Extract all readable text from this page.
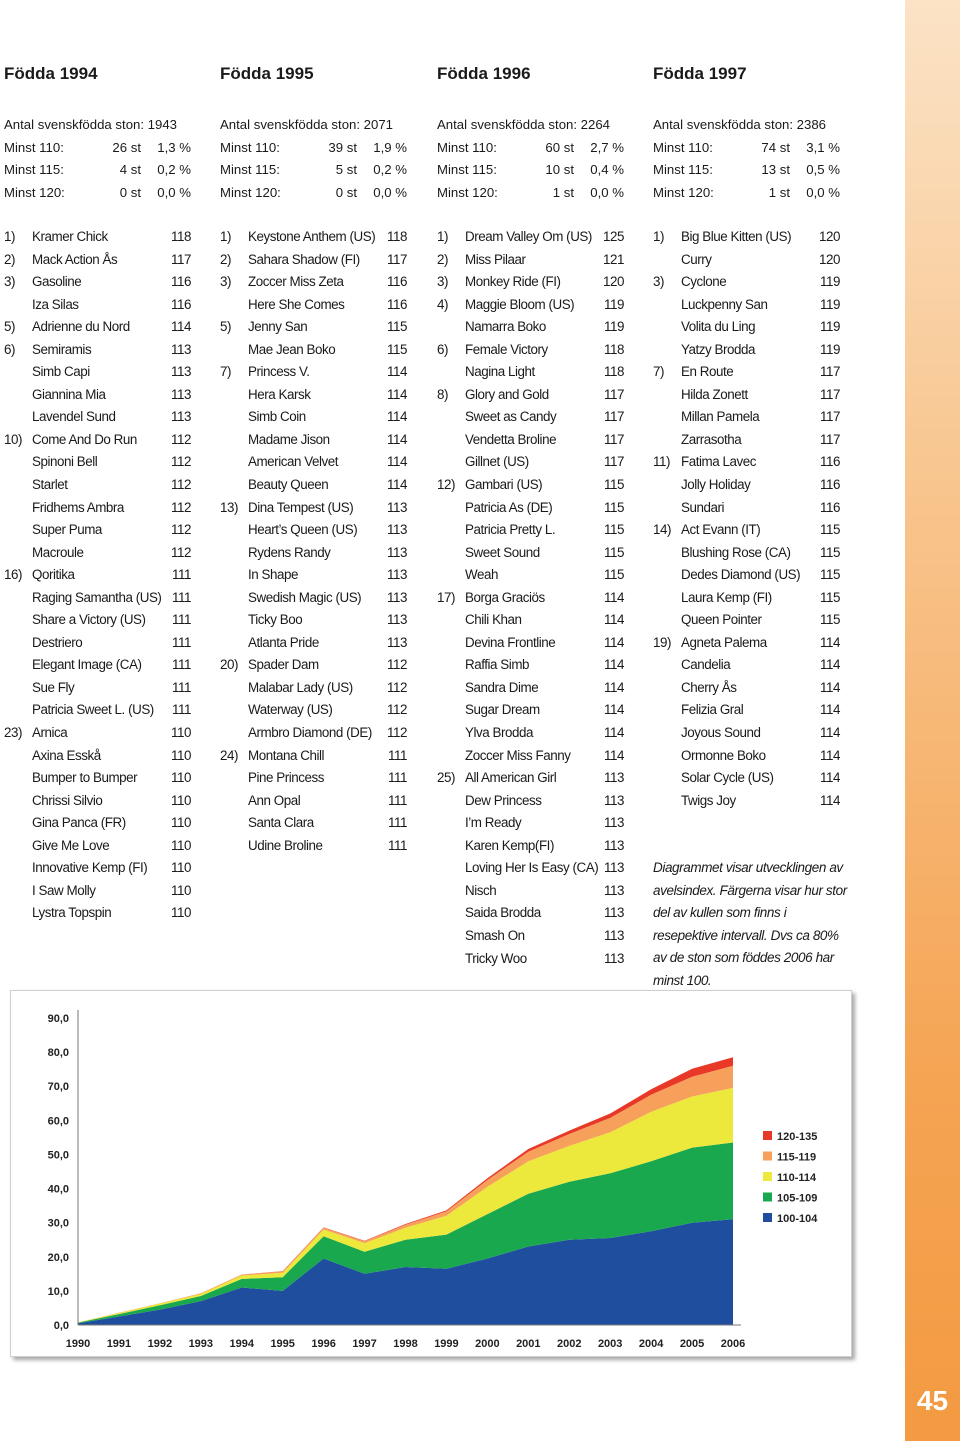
45
Födda 1994
Antal svenskfödda ston: 1943
Minst 110:	26 st 1,3 %
Minst 115:	4 st 0,2 %
Minst 120:	0 st 0,0 %
1) Kramer Chick	118
2) Mack Action Ås	117
3) Gasoline	116
Iza Silas	116
5) Adrienne du Nord	114
6) Semiramis	113
Simb Capi	113
Giannina Mia	113
Lavendel Sund	113
10) Come And Do Run	112
Spinoni Bell	112
Starlet	112
Fridhems Ambra	112
Super Puma	112
Macroule	112
16) Qoritika	111
Raging Samantha (US) 111
Share a Victory (US) 111
Destriero	111
Elegant Image (CA) 111
Sue Fly	111
Patricia Sweet L. (US) 111
23) Arnica	110
Axina Esskå	110
Bumper to Bumper	110
Chrissi Silvio	110
Gina Panca (FR)	110
Give Me Love	110
Innovative Kemp (FI) 110
I Saw Molly	110
Lystra Topspin	110
Födda 1995
Antal svenskfödda ston: 2071
Minst 110:	39 st 1,9 %
Minst 115:	5 st 0,2 %
Minst 120:	0 st 0,0 %
1) Keystone Anthem (US) 118
2) Sahara Shadow (FI) 117
3) Zoccer Miss Zeta	116
Here She Comes	116
5) Jenny San	115
Mae Jean Boko	115
7) Princess V.	114
Hera Karsk	114
Simb Coin	114
Madame Jison	114
American Velvet	114
Beauty Queen	114
13) Dina Tempest (US)	113
Heart’s Queen (US) 113
Rydens Randy	113
In Shape	113
Swedish Magic (US) 113
Ticky Boo	113
Atlanta Pride	113
20) Spader Dam	112
Malabar Lady (US)	112
Waterway (US)	112
Armbro Diamond (DE) 112
24) Montana Chill	111
Pine Princess	111
Ann Opal	111
Santa Clara	111
Udine Broline	111
Födda 1996
Antal svenskfödda ston: 2264
Minst 110:	60 st 2,7 %
Minst 115:	10 st 0,4 %
Minst 120:	1 st 0,0 %
1) Dream Valley Om (US) 125
2) Miss Pilaar	121
3) Monkey Ride (FI)	120
4) Maggie Bloom (US) 119
Namarra Boko	119
6) Female Victory	118
Nagina Light	118
8) Glory and Gold	117
Sweet as Candy	117
Vendetta Broline	117
Gillnet (US)	117
12) Gambari (US)	115
Patricia As (DE)	115
Patricia Pretty L.	115
Sweet Sound	115
Weah	115
17) Borga Graciös	114
Chili Khan	114
Devina Frontline	114
Raffia Simb	114
Sandra Dime	114
Sugar Dream	114
Ylva Brodda	114
Zoccer Miss Fanny	114
25) All American Girl	113
Dew Princess	113
I’m Ready	113
Karen Kemp(FI)	113
Loving Her Is Easy (CA) 113
Nisch	113
Saida Brodda	113
Smash On	113
Tricky Woo	113
Födda 1997
Antal svenskfödda ston: 2386
Minst 110:	74 st 3,1 %
Minst 115:	13 st 0,5 %
Minst 120:	1 st 0,0 %
1) Big Blue Kitten (US) 120
Curry	120
3) Cyclone	119
Luckpenny San	119
Volita du Ling	119
Yatzy Brodda	119
7) En Route	117
Hilda Zonett	117
Millan Pamela	117
Zarrasotha	117
11) Fatima Lavec	116
Jolly Holiday	116
Sundari	116
14) Act Evann (IT)	115
Blushing Rose (CA) 115
Dedes Diamond (US) 115
Laura Kemp (FI)	115
Queen Pointer	115
19) Agneta Palema	114
Candelia	114
Cherry Ås	114
Felizia Gral	114
Joyous Sound	114
Ormonne Boko	114
Solar Cycle (US)	114
Twigs Joy	114
Diagrammet visar utvecklingen av avelsindex. Färgerna visar hur stor del av kullen som finns i resepektive intervall. Dvs ca 80% av de ston som föddes 2006 har minst 100.
0,0
10,0
20,0
30,0
40,0
50,0
60,0
70,0
80,0
90,0
1990 1991 1992 1993 1994 1995 1996 1997 1998 1999 2000 2001 2002 2003 2004 2005 2006
120-135
115-119
110-114
105-109
100-104
